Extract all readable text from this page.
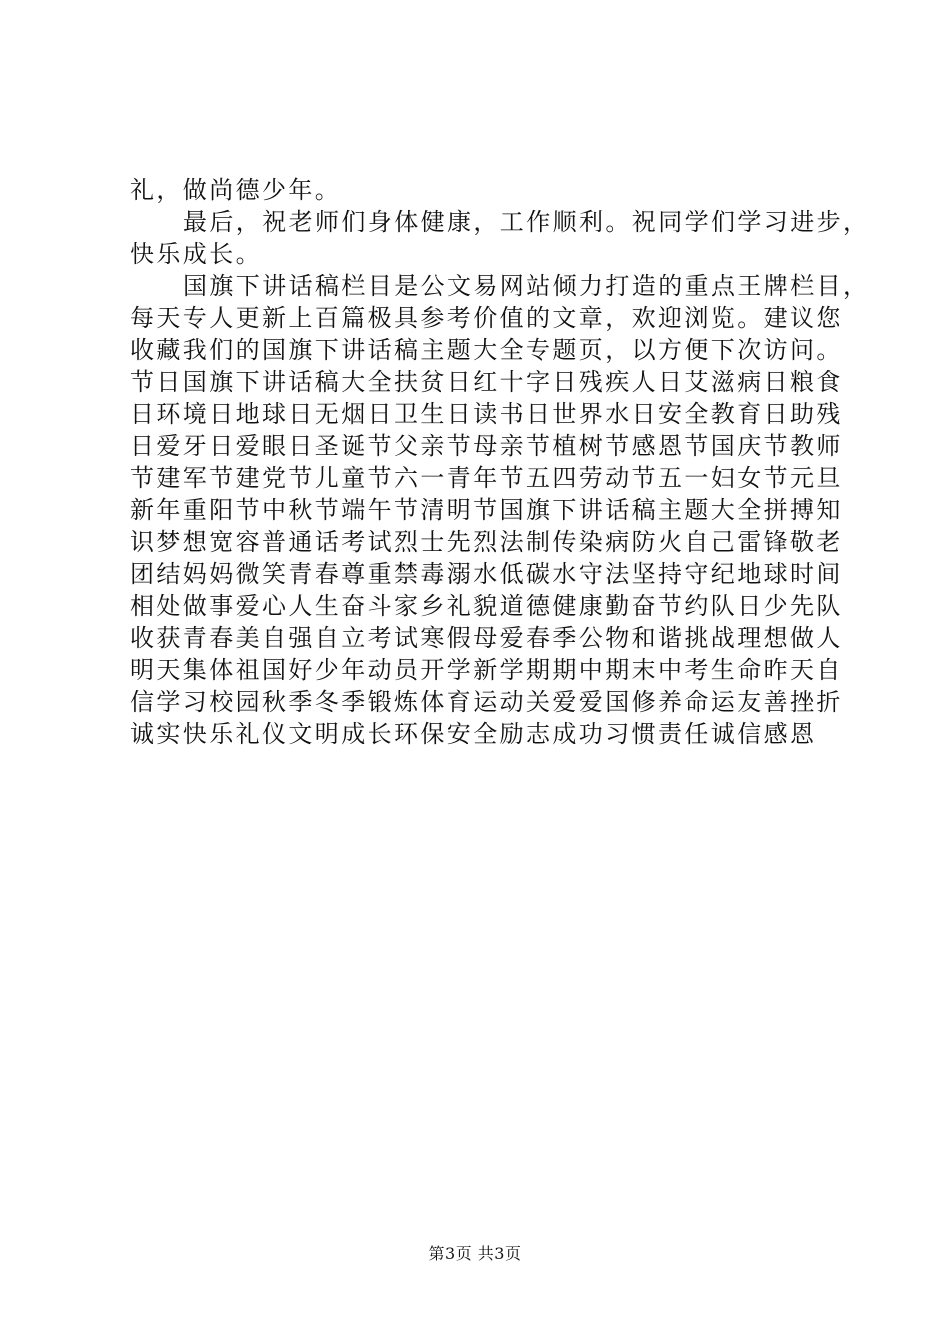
礼，做尚德少年。
最后，祝老师们身体健康，工作顺利。祝同学们学习进步，
快乐成长。
国旗下讲话稿栏目是公文易网站倾力打造的重点王牌栏目，
每天专人更新上百篇极具参考价值的文章，欢迎浏览。建议您
收藏我们的国旗下讲话稿主题大全专题页，以方便下次访问。
节日国旗下讲话稿大全扶贫日红十字日残疾人日艾滋病日粮食
日环境日地球日无烟日卫生日读书日世界水日安全教育日助残
日爱牙日爱眼日圣诞节父亲节母亲节植树节感恩节国庆节教师
节建军节建党节儿童节六一青年节五四劳动节五一妇女节元旦
新年重阳节中秋节端午节清明节国旗下讲话稿主题大全拼搏知
识梦想宽容普通话考试烈士先烈法制传染病防火自己雷锋敬老
团结妈妈微笑青春尊重禁毒溺水低碳水守法坚持守纪地球时间
相处做事爱心人生奋斗家乡礼貌道德健康勤奋节约队日少先队
收获青春美自强自立考试寒假母爱春季公物和谐挑战理想做人
明天集体祖国好少年动员开学新学期期中期末中考生命昨天自
信学习校园秋季冬季锻炼体育运动关爱爱国修养命运友善挫折
诚实快乐礼仪文明成长环保安全励志成功习惯责任诚信感恩
第3页 共3页
